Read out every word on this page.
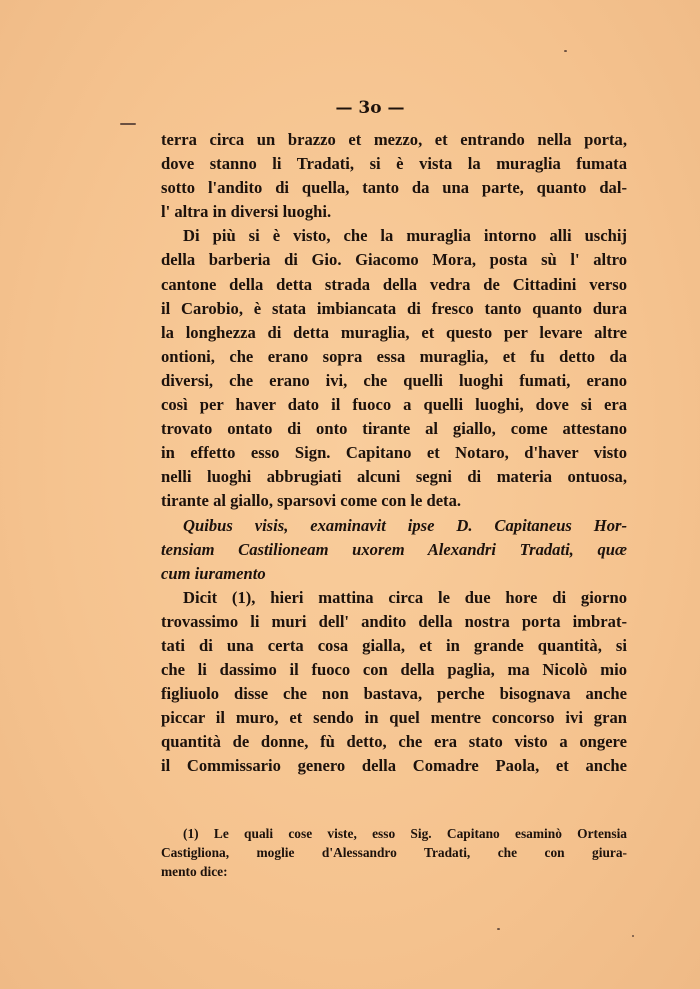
— 3o —
terra circa un brazzo et mezzo, et entrando nella porta,
dove stanno li Tradati, si è vista la muraglia fumata
sotto l'andito di quella, tanto da una parte, quanto dal-
l' altra in diversi luoghi.
Di più si è visto, che la muraglia intorno alli uschij
della barberia di Gio. Giacomo Mora, posta sù l' altro
cantone della detta strada della vedra de Cittadini verso
il Carobio, è stata imbiancata di fresco tanto quanto dura
la longhezza di detta muraglia, et questo per levare altre
ontioni, che erano sopra essa muraglia, et fu detto da
diversi, che erano ivi, che quelli luoghi fumati, erano
così per haver dato il fuoco a quelli luoghi, dove si era
trovato ontato di onto tirante al giallo, come attestano
in effetto esso Sign. Capitano et Notaro, d'haver visto
nelli luoghi abbrugiati alcuni segni di materia ontuosa,
tirante al giallo, sparsovi come con le deta.
Quibus visis, examinavit ipse D. Capitaneus Hor-
tensiam Castilioneam uxorem Alexandri Tradati, quæ
cum iuramento
Dicit (1), hieri mattina circa le due hore di giorno
trovassimo li muri dell' andito della nostra porta imbrat-
tati di una certa cosa gialla, et in grande quantità, si
che li dassimo il fuoco con della paglia, ma Nicolò mio
figliuolo disse che non bastava, perche bisognava anche
piccar il muro, et sendo in quel mentre concorso ivi gran
quantità de donne, fù detto, che era stato visto a ongere
il Commissario genero della Comadre Paola, et anche
(1) Le quali cose viste, esso Sig. Capitano esaminò Ortensia
Castigliona, moglie d'Alessandro Tradati, che con giura-
mento dice:
